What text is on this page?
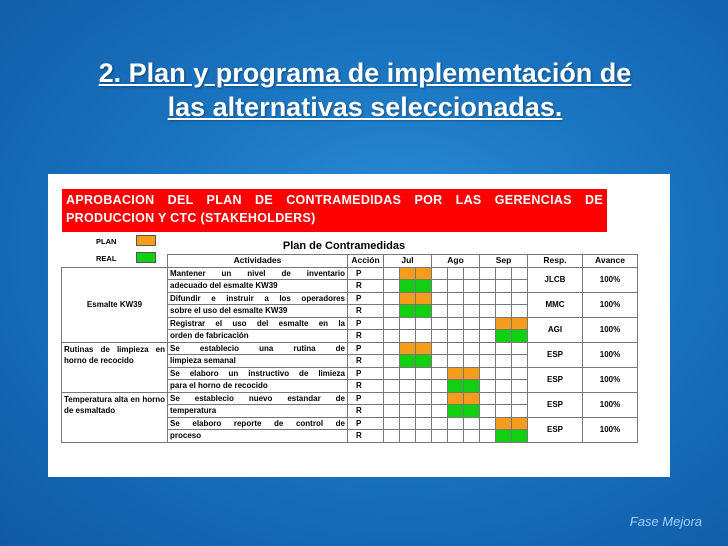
2. Plan y programa de implementación de
las alternativas seleccionadas.
APROBACION DEL PLAN DE CONTRAMEDIDAS POR LAS GERENCIAS DE
PRODUCCION Y CTC (STAKEHOLDERS)
PLAN
REAL
Plan de Contramedidas
	Actividades	Acción	Jul			Ago			Sep			Resp.	Avance
Esmalte KW39	Mantener un nivel de inventario	P										JLCB	100%
	adecuado del esmalte KW39	R											
	Difundir e instruir a los operadores	P										MMC	100%
	sobre el uso del esmalte KW39	R											
	Registrar el uso del esmalte en la	P										AGI	100%
	orden de fabricación	R											
Rutinas de limpieza en horno de recocido	Se establecio una rutina de	P										ESP	100%
	limpieza semanal	R											
	Se elaboro un instructivo de limieza	P										ESP	100%
	para el horno de recocido	R											
Temperatura alta en horno de esmaltado	Se establecio nuevo estandar de	P										ESP	100%
	temperatura	R											
	Se elaboro reporte de control de	P										ESP	100%
	proceso	R											
Fase Mejora
